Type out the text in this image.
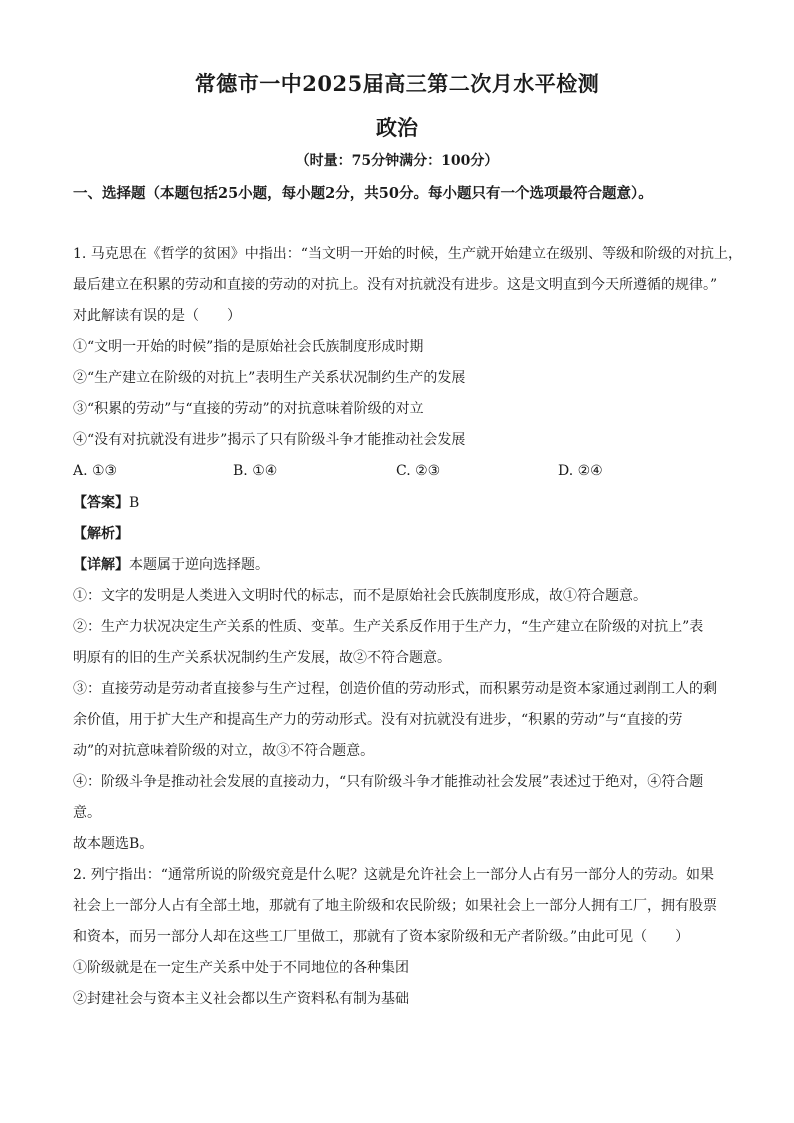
常德市一中2025届高三第二次月水平检测
政治
（时量：75分钟满分：100分）
一、选择题（本题包括25小题，每小题2分，共50分。每小题只有一个选项最符合题意）。
1. 马克思在《哲学的贫困》中指出：“当文明一开始的时候，生产就开始建立在级别、等级和阶级的对抗上，
最后建立在积累的劳动和直接的劳动的对抗上。没有对抗就没有进步。这是文明直到今天所遵循的规律。”
对此解读有误的是（　　）
①“文明一开始的时候”指的是原始社会氏族制度形成时期
②“生产建立在阶级的对抗上”表明生产关系状况制约生产的发展
③“积累的劳动”与“直接的劳动”的对抗意味着阶级的对立
④“没有对抗就没有进步”揭示了只有阶级斗争才能推动社会发展
A. ①③	B. ①④	C. ②③	D. ②④
【答案】B
【解析】
【详解】本题属于逆向选择题。
①：文字的发明是人类进入文明时代的标志，而不是原始社会氏族制度形成，故①符合题意。
②：生产力状况决定生产关系的性质、变革。生产关系反作用于生产力，“生产建立在阶级的对抗上”表
明原有的旧的生产关系状况制约生产发展，故②不符合题意。
③：直接劳动是劳动者直接参与生产过程，创造价值的劳动形式，而积累劳动是资本家通过剥削工人的剩
余价值，用于扩大生产和提高生产力的劳动形式。没有对抗就没有进步，“积累的劳动”与“直接的劳
动”的对抗意味着阶级的对立，故③不符合题意。
④：阶级斗争是推动社会发展的直接动力，“只有阶级斗争才能推动社会发展”表述过于绝对，④符合题
意。
故本题选B。
2. 列宁指出：“通常所说的阶级究竟是什么呢？这就是允许社会上一部分人占有另一部分人的劳动。如果
社会上一部分人占有全部土地，那就有了地主阶级和农民阶级；如果社会上一部分人拥有工厂，拥有股票
和资本，而另一部分人却在这些工厂里做工，那就有了资本家阶级和无产者阶级。”由此可见（　　）
①阶级就是在一定生产关系中处于不同地位的各种集团
②封建社会与资本主义社会都以生产资料私有制为基础
